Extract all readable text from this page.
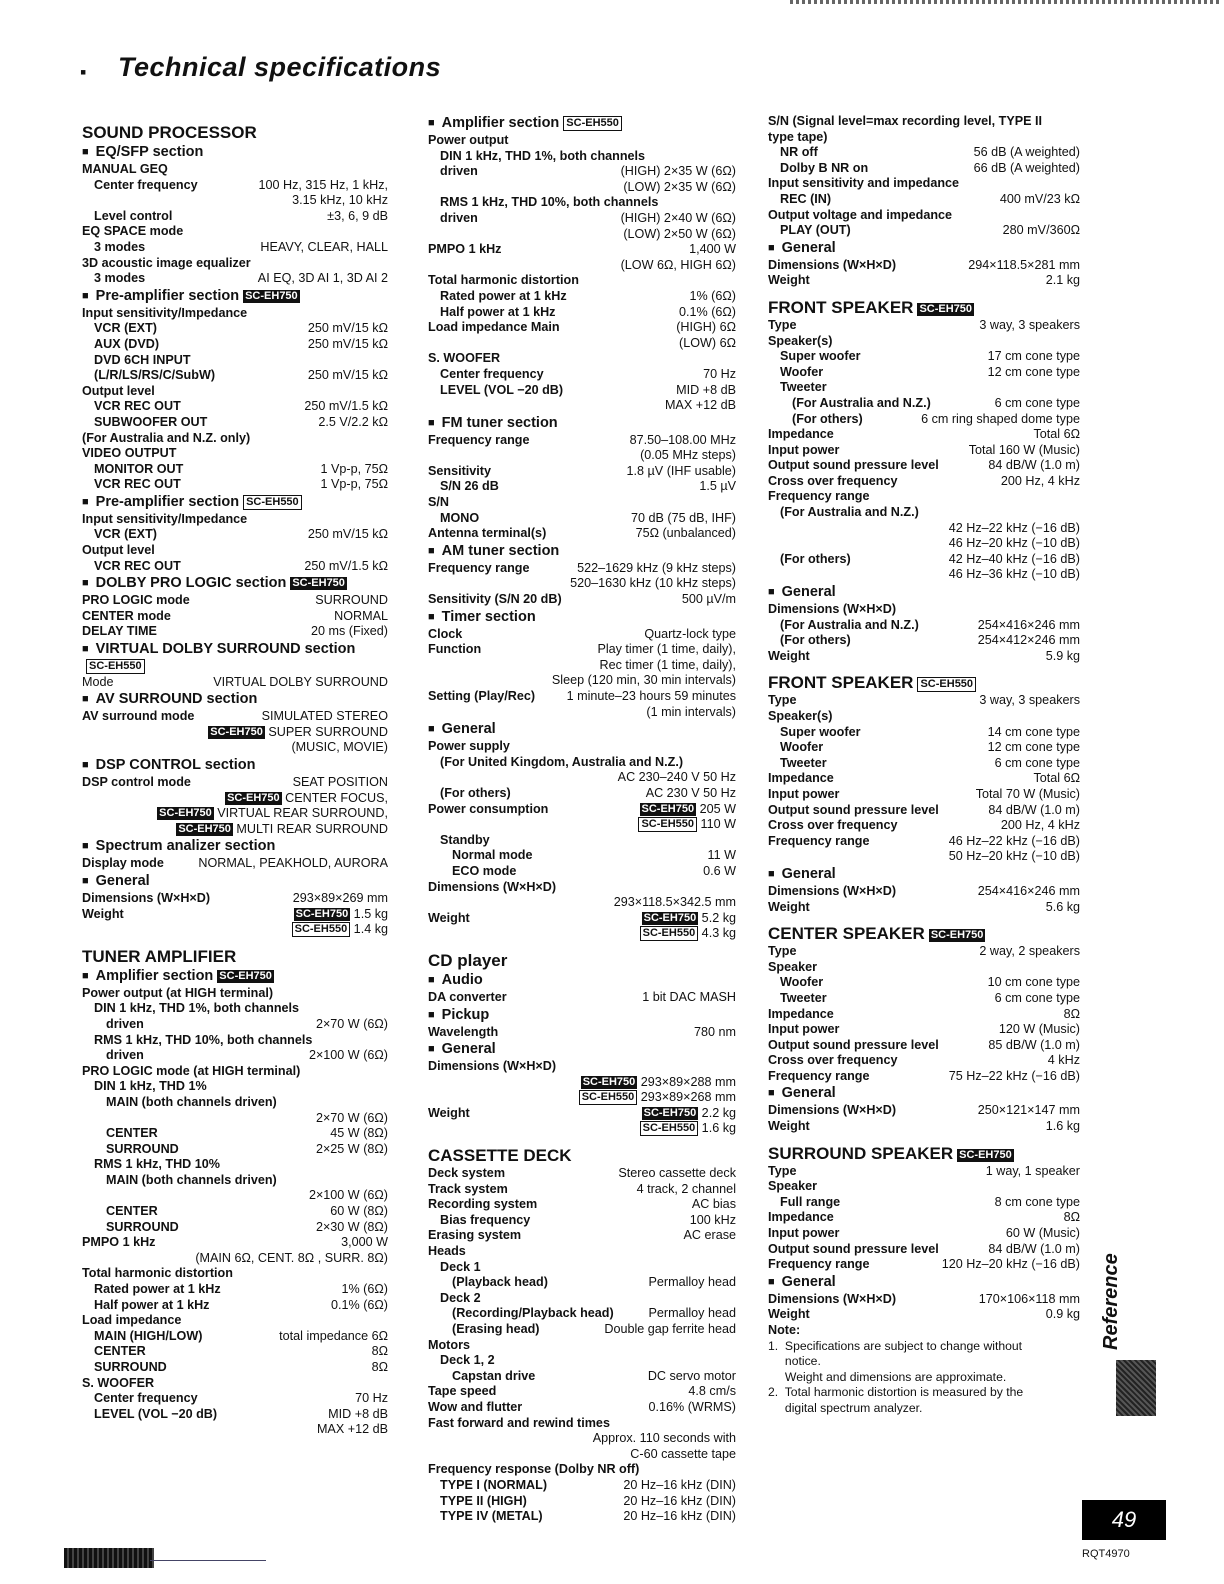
▪ Technical specifications
SOUND PROCESSOR
■ EQ/SFP section
MANUAL GEQ
Center frequency	100 Hz, 315 Hz, 1 kHz,
3.15 kHz, 10 kHz
Level control	±3, 6, 9 dB
EQ SPACE mode
3 modes	HEAVY, CLEAR, HALL
3D acoustic image equalizer
3 modes	AI EQ, 3D AI 1, 3D AI 2
■ Pre-amplifier section SC-EH750
Input sensitivity/Impedance
VCR (EXT)	250 mV/15 kΩ
AUX (DVD)	250 mV/15 kΩ
DVD 6CH INPUT
(L/R/LS/RS/C/SubW)	250 mV/15 kΩ
Output level
VCR REC OUT	250 mV/1.5 kΩ
SUBWOOFER OUT	2.5 V/2.2 kΩ
(For Australia and N.Z. only)
VIDEO OUTPUT
MONITOR OUT	1 Vp-p, 75Ω
VCR REC OUT	1 Vp-p, 75Ω
■ Pre-amplifier section SC-EH550
Input sensitivity/Impedance
VCR (EXT)	250 mV/15 kΩ
Output level
VCR REC OUT	250 mV/1.5 kΩ
■ DOLBY PRO LOGIC section SC-EH750
PRO LOGIC mode	SURROUND
CENTER mode	NORMAL
DELAY TIME	20 ms (Fixed)
■ VIRTUAL DOLBY SURROUND section
SC-EH550
Mode	VIRTUAL DOLBY SURROUND
■ AV SURROUND section
AV surround mode	SIMULATED STEREO
SC-EH750 SUPER SURROUND
(MUSIC, MOVIE)
■ DSP CONTROL section
DSP control mode	SEAT POSITION
SC-EH750 CENTER FOCUS,
SC-EH750 VIRTUAL REAR SURROUND,
SC-EH750 MULTI REAR SURROUND
■ Spectrum analizer section
Display mode	NORMAL, PEAKHOLD, AURORA
■ General
Dimensions (W×H×D)	293×89×269 mm
Weight	SC-EH750 1.5 kg
SC-EH550 1.4 kg
TUNER AMPLIFIER
■ Amplifier section SC-EH750
Power output (at HIGH terminal)
DIN 1 kHz, THD 1%, both channels
driven	2×70 W (6Ω)
RMS 1 kHz, THD 10%, both channels
driven	2×100 W (6Ω)
PRO LOGIC mode (at HIGH terminal)
DIN 1 kHz, THD 1%
MAIN (both channels driven)
2×70 W (6Ω)
CENTER	45 W (8Ω)
SURROUND	2×25 W (8Ω)
RMS 1 kHz, THD 10%
MAIN (both channels driven)
2×100 W (6Ω)
CENTER	60 W (8Ω)
SURROUND	2×30 W (8Ω)
PMPO 1 kHz	3,000 W
(MAIN 6Ω, CENT. 8Ω , SURR. 8Ω)
Total harmonic distortion
Rated power at 1 kHz	1% (6Ω)
Half power at 1 kHz	0.1% (6Ω)
Load impedance
MAIN (HIGH/LOW)	total impedance 6Ω
CENTER	8Ω
SURROUND	8Ω
S. WOOFER
Center frequency	70 Hz
LEVEL (VOL −20 dB)	MID +8 dB
MAX +12 dB
■ Amplifier section SC-EH550
Power output
DIN 1 kHz, THD 1%, both channels
driven	(HIGH) 2×35 W (6Ω)
(LOW) 2×35 W (6Ω)
RMS 1 kHz, THD 10%, both channels
driven	(HIGH) 2×40 W (6Ω)
(LOW) 2×50 W (6Ω)
PMPO 1 kHz	1,400 W
(LOW 6Ω, HIGH 6Ω)
Total harmonic distortion
Rated power at 1 kHz	1% (6Ω)
Half power at 1 kHz	0.1% (6Ω)
Load impedance Main	(HIGH) 6Ω
(LOW) 6Ω
S. WOOFER
Center frequency	70 Hz
LEVEL (VOL −20 dB)	MID +8 dB
MAX +12 dB
■ FM tuner section
Frequency range	87.50–108.00 MHz
(0.05 MHz steps)
Sensitivity	1.8 µV (IHF usable)
S/N 26 dB	1.5 µV
S/N
MONO	70 dB (75 dB, IHF)
Antenna terminal(s)	75Ω (unbalanced)
■ AM tuner section
Frequency range	522–1629 kHz (9 kHz steps)
520–1630 kHz (10 kHz steps)
Sensitivity (S/N 20 dB)	500 µV/m
■ Timer section
Clock	Quartz-lock type
Function	Play timer (1 time, daily),
Rec timer (1 time, daily),
Sleep (120 min, 30 min intervals)
Setting (Play/Rec)	1 minute–23 hours 59 minutes
(1 min intervals)
■ General
Power supply
(For United Kingdom, Australia and N.Z.)
AC 230–240 V 50 Hz
(For others)	AC 230 V 50 Hz
Power consumption	SC-EH750 205 W
SC-EH550 110 W
Standby
Normal mode	11 W
ECO mode	0.6 W
Dimensions (W×H×D)
293×118.5×342.5 mm
Weight	SC-EH750 5.2 kg
SC-EH550 4.3 kg
CD player
■ Audio
DA converter	1 bit DAC MASH
■ Pickup
Wavelength	780 nm
■ General
Dimensions (W×H×D)
SC-EH750 293×89×288 mm
SC-EH550 293×89×268 mm
Weight	SC-EH750 2.2 kg
SC-EH550 1.6 kg
CASSETTE DECK
Deck system	Stereo cassette deck
Track system	4 track, 2 channel
Recording system	AC bias
Bias frequency	100 kHz
Erasing system	AC erase
Heads
Deck 1
(Playback head)	Permalloy head
Deck 2
(Recording/Playback head)	Permalloy head
(Erasing head)	Double gap ferrite head
Motors
Deck 1, 2
Capstan drive	DC servo motor
Tape speed	4.8 cm/s
Wow and flutter	0.16% (WRMS)
Fast forward and rewind times
Approx. 110 seconds with
C-60 cassette tape
Frequency response (Dolby NR off)
TYPE I (NORMAL)	20 Hz–16 kHz (DIN)
TYPE II (HIGH)	20 Hz–16 kHz (DIN)
TYPE IV (METAL)	20 Hz–16 kHz (DIN)
S/N (Signal level=max recording level, TYPE II
type tape)
NR off	56 dB (A weighted)
Dolby B NR on	66 dB (A weighted)
Input sensitivity and impedance
REC (IN)	400 mV/23 kΩ
Output voltage and impedance
PLAY (OUT)	280 mV/360Ω
■ General
Dimensions (W×H×D)	294×118.5×281 mm
Weight	2.1 kg
FRONT SPEAKER SC-EH750
Type	3 way, 3 speakers
Speaker(s)
Super woofer	17 cm cone type
Woofer	12 cm cone type
Tweeter
(For Australia and N.Z.)	6 cm cone type
(For others)	6 cm ring shaped dome type
Impedance	Total 6Ω
Input power	Total 160 W (Music)
Output sound pressure level	84 dB/W (1.0 m)
Cross over frequency	200 Hz, 4 kHz
Frequency range
(For Australia and N.Z.)
42 Hz–22 kHz (−16 dB)
46 Hz–20 kHz (−10 dB)
(For others)	42 Hz–40 kHz (−16 dB)
46 Hz–36 kHz (−10 dB)
■ General
Dimensions (W×H×D)
(For Australia and N.Z.)	254×416×246 mm
(For others)	254×412×246 mm
Weight	5.9 kg
FRONT SPEAKER SC-EH550
Type	3 way, 3 speakers
Speaker(s)
Super woofer	14 cm cone type
Woofer	12 cm cone type
Tweeter	6 cm cone type
Impedance	Total 6Ω
Input power	Total 70 W (Music)
Output sound pressure level	84 dB/W (1.0 m)
Cross over frequency	200 Hz, 4 kHz
Frequency range	46 Hz–22 kHz (−16 dB)
50 Hz–20 kHz (−10 dB)
■ General
Dimensions (W×H×D)	254×416×246 mm
Weight	5.6 kg
CENTER SPEAKER SC-EH750
Type	2 way, 2 speakers
Speaker
Woofer	10 cm cone type
Tweeter	6 cm cone type
Impedance	8Ω
Input power	120 W (Music)
Output sound pressure level	85 dB/W (1.0 m)
Cross over frequency	4 kHz
Frequency range	75 Hz–22 kHz (−16 dB)
■ General
Dimensions (W×H×D)	250×121×147 mm
Weight	1.6 kg
SURROUND SPEAKER SC-EH750
Type	1 way, 1 speaker
Speaker
Full range	8 cm cone type
Impedance	8Ω
Input power	60 W (Music)
Output sound pressure level	84 dB/W (1.0 m)
Frequency range	120 Hz–20 kHz (−16 dB)
■ General
Dimensions (W×H×D)	170×106×118 mm
Weight	0.9 kg
Note:
1.  Specifications are subject to change without
notice.
Weight and dimensions are approximate.
2.  Total harmonic distortion is measured by the
digital spectrum analyzer.
Reference
49
RQT4970
